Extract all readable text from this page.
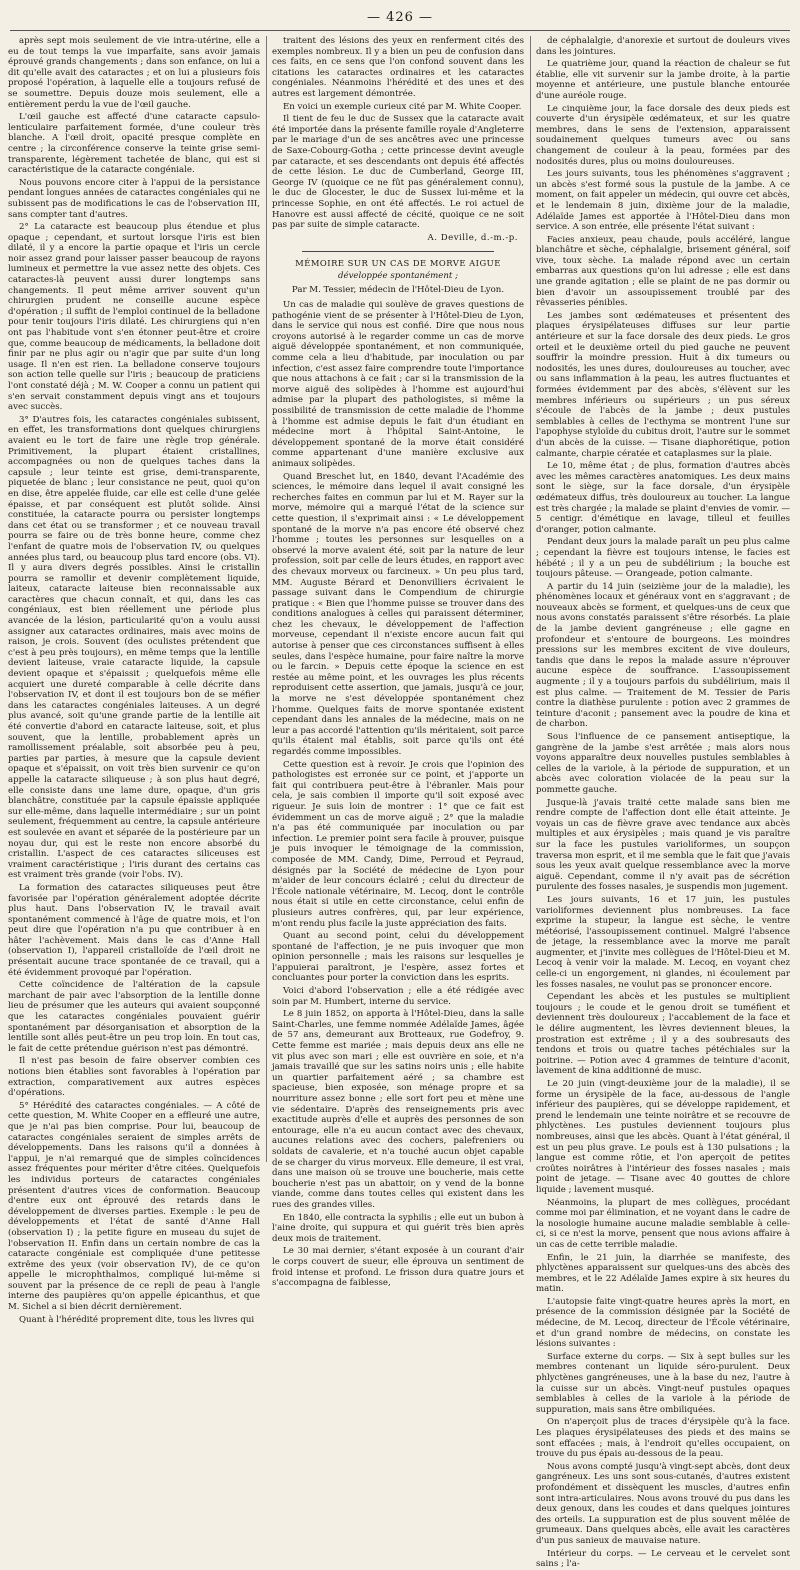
— 426 —

après sept mois seulement de vie intra-utérine, elle a eu de tout temps la vue imparfaite, sans avoir jamais éprouvé grands changements ; dans son enfance, on lui a dit qu'elle avait des cataractes ; et on lui a plusieurs fois proposé l'opération, à laquelle elle a toujours refusé de se soumettre. Depuis douze mois seulement, elle a entièrement perdu la vue de l'œil gauche.

L'œil gauche est affecté d'une cataracte capsulo-lenticulaire parfaitement formée, d'une couleur très blanche. A l'œil droit, opacité presque complète en centre ; la circonférence conserve la teinte grise semi-transparente, légèrement tachetée de blanc, qui est si caractéristique de la cataracte congéniale.

Nous pouvons encore citer à l'appui de la persistance pendant longues années de cataractes congéniales qui ne subissent pas de modifications le cas de l'observation III, sans compter tant d'autres.

2° La cataracte est beaucoup plus étendue et plus opaque ; cependant, et surtout lorsque l'iris est bien dilaté, il y a encore la partie opaque et l'iris un cercle noir assez grand pour laisser passer beaucoup de rayons lumineux et permettre la vue assez nette des objets. Ces cataractes-là peuvent aussi durer longtemps sans changements. Il peut même arriver souvent qu'un chirurgien prudent ne conseille aucune espèce d'opération ; il suffit de l'emploi continuel de la belladone pour tenir toujours l'iris dilaté. Les chirurgiens qui n'en ont pas l'habitude vont s'en étonner peut-être et croire que, comme beaucoup de médicaments, la belladone doit finir par ne plus agir ou n'agir que par suite d'un long usage. Il n'en est rien. La belladone conserve toujours son action telle quelle sur l'iris ; beaucoup de praticiens l'ont constaté déjà ; M. W. Cooper a connu un patient qui s'en servait constamment depuis vingt ans et toujours avec succès.

3° D'autres fois, les cataractes congéniales subissent, en effet, les transformations dont quelques chirurgiens avaient eu le tort de faire une règle trop générale. Primitivement, la plupart étaient cristallines, accompagnées ou non de quelques taches dans la capsule ; leur teinte est grise, demi-transparente, piquetée de blanc ; leur consistance ne peut, quoi qu'on en dise, être appelée fluide, car elle est celle d'une gelée épaisse, et par conséquent est plutôt solide. Ainsi constituée, la cataracte pourra ou persister longtemps dans cet état ou se transformer ; et ce nouveau travail pourra se faire ou de très bonne heure, comme chez l'enfant de quatre mois de l'observation IV, ou quelques années plus tard, ou beaucoup plus tard encore (obs. VI). Il y aura divers degrés possibles. Ainsi le cristallin pourra se ramollir et devenir complètement liquide, laiteux, cataracte laiteuse bien reconnaissable aux caractères que chacun connaît, et qui, dans les cas congéniaux, est bien réellement une période plus avancée de la lésion, particularité qu'on a voulu aussi assigner aux cataractes ordinaires, mais avec moins de raison, je crois. Souvent (des oculistes prétendent que c'est à peu près toujours), en même temps que la lentille devient laiteuse, vraie cataracte liquide, la capsule devient opaque et s'épaissit ; quelquefois même elle acquiert une dureté comparable à celle décrite dans l'observation IV, et dont il est toujours bon de se méfier dans les cataractes congéniales laiteuses. A un degré plus avancé, soit qu'une grande partie de la lentille ait été convertie d'abord en cataracte laiteuse, soit, et plus souvent, que la lentille, probablement après un ramollissement préalable, soit absorbée peu à peu, parties par parties, à mesure que la capsule devient opaque et s'épaissit, on voit très bien survenir ce qu'on appelle la cataracte siliqueuse ; à son plus haut degré, elle consiste dans une lame dure, opaque, d'un gris blanchâtre, constituée par la capsule épaissie appliquée sur elle-même, dans laquelle intermédiaire ; sur un point seulement, fréquemment au centre, la capsule antérieure est soulevée en avant et séparée de la postérieure par un noyau dur, qui est le reste non encore absorbé du cristallin. L'aspect de ces cataractes siliceuses est vraiment caractéristique ; l'iris durant des certains cas est vraiment très grande (voir l'obs. IV).

La formation des cataractes siliqueuses peut être favorisée par l'opération généralement adoptée décrite plus haut. Dans l'observation IV, le travail avait spontanément commencé à l'âge de quatre mois, et l'on peut dire que l'opération n'a pu que contribuer à en hâter l'achèvement. Mais dans le cas d'Anne Hall (observation I), l'appareil cristalloïde de l'œil droit ne présentait aucune trace spontanée de ce travail, qui a été évidemment provoqué par l'opération.

Cette coïncidence de l'altération de la capsule marchant de pair avec l'absorption de la lentille donne lieu de présumer que les auteurs qui avaient soupçonné que les cataractes congéniales pouvaient guérir spontanément par désorganisation et absorption de la lentille sont allés peut-être un peu trop loin. En tout cas, le fait de cette prétendue guérison n'est pas démontré.

Il n'est pas besoin de faire observer combien ces notions bien établies sont favorables à l'opération par extraction, comparativement aux autres espèces d'opérations.

5° Hérédité des cataractes congéniales. — A côté de cette question, M. White Cooper en a effleuré une autre, que je n'ai pas bien comprise. Pour lui, beaucoup de cataractes congéniales seraient de simples arrêts de développements. Dans les raisons qu'il a données à l'appui, je n'ai remarqué que de simples coïncidences assez fréquentes pour mériter d'être citées. Quelquefois les individus porteurs de cataractes congéniales présentent d'autres vices de conformation. Beaucoup d'entre eux ont éprouvé des retards dans le développement de diverses parties. Exemple : le peu de développements et l'état de santé d'Anne Hall (observation I) ; la petite figure en museau du sujet de l'observation II. Enfin dans un certain nombre de cas la cataracte congéniale est compliquée d'une petitesse extrême des yeux (voir observation IV), de ce qu'on appelle le microphthalmos, compliqué lui-même si souvent par la présence de ce repli de peau à l'angle interne des paupières qu'on appelle épicanthus, et que M. Sichel a si bien décrit dernièrement.

Quant à l'hérédité proprement dite, tous les livres qui

traitent des lésions des yeux en renferment cités des exemples nombreux. Il y a bien un peu de confusion dans ces faits, en ce sens que l'on confond souvent dans les citations les cataractes ordinaires et les cataractes congéniales. Néanmoins l'hérédité et des unes et des autres est largement démontrée.

En voici un exemple curieux cité par M. White Cooper.

Il tient de feu le duc de Sussex que la cataracte avait été importée dans la présente famille royale d'Angleterre par le mariage d'un de ses ancêtres avec une princesse de Saxe-Cobourg-Gotha ; cette princesse devint aveugle par cataracte, et ses descendants ont depuis été affectés de cette lésion. Le duc de Cumberland, George III, George IV (quoique ce ne fût pas généralement connu), le duc de Glocester, le duc de Sussex lui-même et la princesse Sophie, en ont été affectés. Le roi actuel de Hanovre est aussi affecté de cécité, quoique ce ne soit pas par suite de simple cataracte.

A. Deville, d.-m.-p.

MÉMOIRE SUR UN CAS DE MORVE AIGUE

développée spontanément ;

Par M. Tessier, médecin de l'Hôtel-Dieu de Lyon.

Un cas de maladie qui soulève de graves questions de pathogénie vient de se présenter à l'Hôtel-Dieu de Lyon, dans le service qui nous est confié. Dire que nous nous croyons autorisé à le regarder comme un cas de morve aiguë développée spontanément, et non communiquée, comme cela a lieu d'habitude, par inoculation ou par infection, c'est assez faire comprendre toute l'importance que nous attachons à ce fait ; car si la transmission de la morve aiguë des solipèdes à l'homme est aujourd'hui admise par la plupart des pathologistes, si même la possibilité de transmission de cette maladie de l'homme à l'homme est admise depuis le fait d'un étudiant en médecine mort à l'hôpital Saint-Antoine, le développement spontané de la morve était considéré comme appartenant d'une manière exclusive aux animaux solipèdes.

Quand Breschet lut, en 1840, devant l'Académie des sciences, le mémoire dans lequel il avait consigné les recherches faites en commun par lui et M. Rayer sur la morve, mémoire qui a marqué l'état de la science sur cette question, il s'exprimait ainsi : « Le développement spontané de la morve n'a pas encore été observé chez l'homme ; toutes les personnes sur lesquelles on a observé la morve avaient été, soit par la nature de leur profession, soit par celle de leurs études, en rapport avec des chevaux morveux ou farcineux. » Un peu plus tard, MM. Auguste Bérard et Denonvilliers écrivaient le passage suivant dans le Compendium de chirurgie pratique : « Bien que l'homme puisse se trouver dans des conditions analogues à celles qui paraissent déterminer, chez les chevaux, le développement de l'affection morveuse, cependant il n'existe encore aucun fait qui autorise à penser que ces circonstances suffisent à elles seules, dans l'espèce humaine, pour faire naître la morve ou le farcin. » Depuis cette époque la science en est restée au même point, et les ouvrages les plus récents reproduisent cette assertion, que jamais, jusqu'à ce jour, la morve ne s'est développée spontanément chez l'homme. Quelques faits de morve spontanée existent cependant dans les annales de la médecine, mais on ne leur a pas accordé l'attention qu'ils méritaient, soit parce qu'ils étaient mal établis, soit parce qu'ils ont été regardés comme impossibles.

Cette question est à revoir. Je crois que l'opinion des pathologistes est erronée sur ce point, et j'apporte un fait qui contribuera peut-être à l'ébranler. Mais pour cela, je sais combien il importe qu'il soit exposé avec rigueur. Je suis loin de montrer : 1° que ce fait est évidemment un cas de morve aiguë ; 2° que la maladie n'a pas été communiquée par inoculation ou par infection. Le premier point sera facile à prouver, puisque je puis invoquer le témoignage de la commission, composée de MM. Candy, Dime, Perroud et Peyraud, désignés par la Société de médecine de Lyon pour m'aider de leur concours éclairé ; celui du directeur de l'École nationale vétérinaire, M. Lecoq, dont le contrôle nous était si utile en cette circonstance, celui enfin de plusieurs autres confrères, qui, par leur expérience, m'ont rendu plus facile la juste appréciation des faits.

Quant au second point, celui du développement spontané de l'affection, je ne puis invoquer que mon opinion personnelle ; mais les raisons sur lesquelles je l'appuierai paraîtront, je l'espère, assez fortes et concluantes pour porter la conviction dans les esprits.

Voici d'abord l'observation ; elle a été rédigée avec soin par M. Humbert, interne du service.

Le 8 juin 1852, on apporta à l'Hôtel-Dieu, dans la salle Saint-Charles, une femme nommée Adélaïde James, âgée de 57 ans, demeurant aux Brotteaux, rue Godefroy, 9. Cette femme est mariée ; mais depuis deux ans elle ne vit plus avec son mari ; elle est ouvrière en soie, et n'a jamais travaillé que sur les satins noirs unis ; elle habite un quartier parfaitement aéré ; sa chambre est spacieuse, bien exposée, son ménage propre et sa nourriture assez bonne ; elle sort fort peu et mène une vie sédentaire. D'après des renseignements pris avec exactitude auprès d'elle et auprès des personnes de son entourage, elle n'a eu aucun contact avec des chevaux, aucunes relations avec des cochers, palefreniers ou soldats de cavalerie, et n'a touché aucun objet capable de se charger du virus morveux. Elle demeure, il est vrai, dans une maison où se trouve une boucherie, mais cette boucherie n'est pas un abattoir, on y vend de la bonne viande, comme dans toutes celles qui existent dans les rues des grandes villes.

En 1840, elle contracta la syphilis ; elle eut un bubon à l'aine droite, qui suppura et qui guérit très bien après deux mois de traitement.

Le 30 mai dernier, s'étant exposée à un courant d'air le corps couvert de sueur, elle éprouva un sentiment de froid intense et profond. Le frisson dura quatre jours et s'accompagna de faiblesse,

de céphalalgie, d'anorexie et surtout de douleurs vives dans les jointures.

Le quatrième jour, quand la réaction de chaleur se fut établie, elle vit survenir sur la jambe droite, à la partie moyenne et antérieure, une pustule blanche entourée d'une auréole rouge.

Le cinquième jour, la face dorsale des deux pieds est couverte d'un érysipèle œdémateux, et sur les quatre membres, dans le sens de l'extension, apparaissent soudainement quelques tumeurs avec ou sans changement de couleur à la peau, formées par des nodosités dures, plus ou moins douloureuses.

Les jours suivants, tous les phénomènes s'aggravent ; un abcès s'est formé sous la pustule de la jambe. A ce moment, on fait appeler un médecin, qui ouvre cet abcès, et le lendemain 8 juin, dixième jour de la maladie, Adélaïde James est apportée à l'Hôtel-Dieu dans mon service. A son entrée, elle présente l'état suivant :

Facies anxieux, peau chaude, pouls accéléré, langue blanchâtre et sèche, céphalalgie, brisement général, soif vive, toux sèche. La malade répond avec un certain embarras aux questions qu'on lui adresse ; elle est dans une grande agitation ; elle se plaint de ne pas dormir ou bien d'avoir un assoupissement troublé par des rêvasseries pénibles.

Les jambes sont œdémateuses et présentent des plaques érysipélateuses diffuses sur leur partie antérieure et sur la face dorsale des deux pieds. Le gros orteil et le deuxième orteil du pied gauche ne peuvent souffrir la moindre pression. Huit à dix tumeurs ou nodosités, les unes dures, douloureuses au toucher, avec ou sans inflammation à la peau, les autres fluctuantes et formées évidemment par des abcès, s'élèvent sur les membres inférieurs ou supérieurs ; un pus séreux s'écoule de l'abcès de la jambe ; deux pustules semblables à celles de l'ecthyma se montrent l'une sur l'apophyse styloïde du cubitus droit, l'autre sur le sommet d'un abcès de la cuisse. — Tisane diaphorétique, potion calmante, charpie cératée et cataplasmes sur la plaie.

Le 10, même état ; de plus, formation d'autres abcès avec les mêmes caractères anatomiques. Les deux mains sont le siège, sur la face dorsale, d'un érysipèle œdémateux diffus, très douloureux au toucher. La langue est très chargée ; la malade se plaint d'envies de vomir. — 5 centigr. d'émétique en lavage, tilleul et feuilles d'oranger, potion calmante.

Pendant deux jours la malade paraît un peu plus calme ; cependant la fièvre est toujours intense, le facies est hébété ; il y a un peu de subdélirium ; la bouche est toujours pâteuse. — Orangeade, potion calmante.

A partir du 14 juin (seizième jour de la maladie), les phénomènes locaux et généraux vont en s'aggravant ; de nouveaux abcès se forment, et quelques-uns de ceux que nous avons constatés paraissent s'être résorbés. La plaie de la jambe devient gangréneuse ; elle gagne en profondeur et s'entoure de bourgeons. Les moindres pressions sur les membres excitent de vive douleurs, tandis que dans le repos la malade assure n'éprouver aucune espèce de souffrance. L'assoupissement augmente ; il y a toujours parfois du subdélirium, mais il est plus calme. — Traitement de M. Tessier de Paris contre la diathèse purulente : potion avec 2 grammes de teinture d'aconit ; pansement avec la poudre de kina et de charbon.

Sous l'influence de ce pansement antiseptique, la gangrène de la jambe s'est arrêtée ; mais alors nous voyons apparaître deux nouvelles pustules semblables à celles de la variole, à la période de suppuration, et un abcès avec coloration violacée de la peau sur la pommette gauche.

Jusque-là j'avais traité cette malade sans bien me rendre compte de l'affection dont elle était atteinte. Je voyais un cas de fièvre grave avec tendance aux abcès multiples et aux érysipèles ; mais quand je vis paraître sur la face les pustules varioliformes, un soupçon traversa mon esprit, et il me sembla que le fait que j'avais sous les yeux avait quelque ressemblance avec la morve aiguë. Cependant, comme il n'y avait pas de sécrétion purulente des fosses nasales, je suspendis mon jugement.

Les jours suivants, 16 et 17 juin, les pustules varioliformes deviennent plus nombreuses. La face exprime la stupeur, la langue est sèche, le ventre météorisé, l'assoupissement continuel. Malgré l'absence de jetage, la ressemblance avec la morve me paraît augmenter, et j'invite mes collègues de l'Hôtel-Dieu et M. Lecoq à venir voir la malade. M. Lecoq, en voyant chez celle-ci un engorgement, ni glandes, ni écoulement par les fosses nasales, ne voulut pas se prononcer encore.

Cependant les abcès et les pustules se multiplient toujours ; le coude et le genou droit se tuméfient et deviennent très douloureux ; l'accablement de la face et le délire augmentent, les lèvres deviennent bleues, la prostration est extrême ; il y a des soubresauts des tendons et trois ou quatre taches pétéchiales sur la poitrine. — Potion avec 4 grammes de teinture d'aconit, lavement de kina additionné de musc.

Le 20 juin (vingt-deuxième jour de la maladie), il se forme un érysipèle de la face, au-dessous de l'angle inférieur des paupières, qui se développe rapidement, et prend le lendemain une teinte noirâtre et se recouvre de phlyctènes. Les pustules deviennent toujours plus nombreuses, ainsi que les abcès. Quant à l'état général, il est un peu plus grave. Le pouls est à 130 pulsations ; la langue est comme rôtie, et l'on aperçoit de petites croûtes noirâtres à l'intérieur des fosses nasales ; mais point de jetage. — Tisane avec 40 gouttes de chlore liquide ; lavement musqué.

Néanmoins, la plupart de mes collègues, procédant comme moi par élimination, et ne voyant dans le cadre de la nosologie humaine aucune maladie semblable à celle-ci, si ce n'est la morve, pensent que nous avions affaire à un cas de cette terrible maladie.

Enfin, le 21 juin, la diarrhée se manifeste, des phlyctènes apparaissent sur quelques-uns des abcès des membres, et le 22 Adélaïde James expire à six heures du matin.

L'autopsie faite vingt-quatre heures après la mort, en présence de la commission désignée par la Société de médecine, de M. Lecoq, directeur de l'École vétérinaire, et d'un grand nombre de médecins, on constate les lésions suivantes :

Surface externe du corps. — Six à sept bulles sur les membres contenant un liquide séro-purulent. Deux phlyctènes gangréneuses, une à la base du nez, l'autre à la cuisse sur un abcès. Vingt-neuf pustules opaques semblables à celles de la variole à la période de suppuration, mais sans être ombiliquées.

On n'aperçoit plus de traces d'érysipèle qu'à la face. Les plaques érysipélateuses des pieds et des mains se sont effacées ; mais, à l'endroit qu'elles occupaient, on trouve du pus épais au-dessous de la peau.

Nous avons compté jusqu'à vingt-sept abcès, dont deux gangréneux. Les uns sont sous-cutanés, d'autres existent profondément et dissèquent les muscles, d'autres enfin sont intra-articulaires. Nous avons trouvé du pus dans les deux genoux, dans les coudes et dans quelques jointures des orteils. La suppuration est de plus souvent mêlée de grumeaux. Dans quelques abcès, elle avait les caractères d'un pus sanieux de mauvaise nature.

Intérieur du corps. — Le cerveau et le cervelet sont sains ; l'a-
